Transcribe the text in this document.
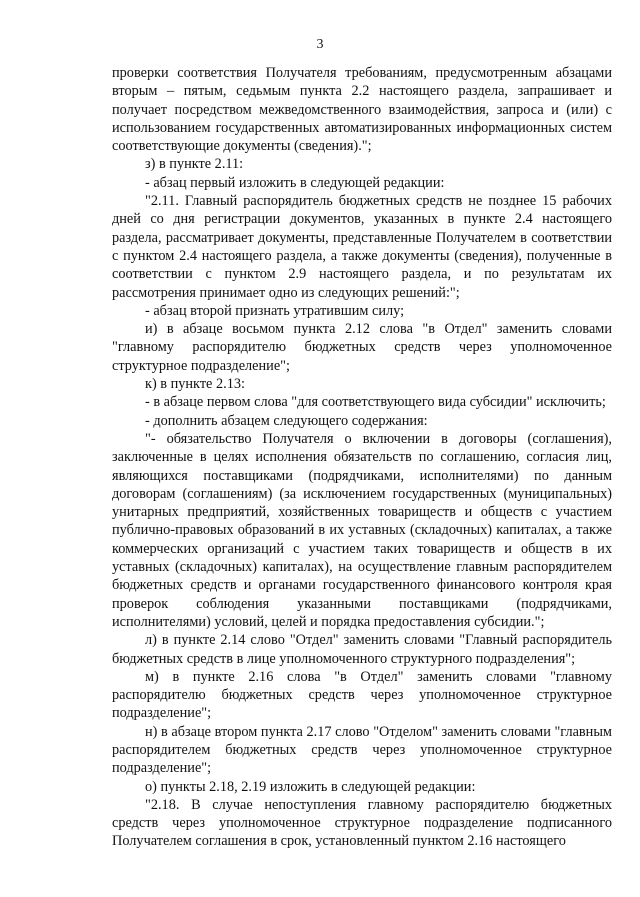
3

проверки соответствия Получателя требованиям, предусмотренным абзацами вторым – пятым, седьмым пункта 2.2 настоящего раздела, запрашивает и получает посредством межведомственного взаимодействия, запроса и (или) с использованием государственных автоматизированных информационных систем соответствующие документы (сведения).";

з) в пункте 2.11:

- абзац первый изложить в следующей редакции:

"2.11. Главный распорядитель бюджетных средств не позднее 15 рабочих дней со дня регистрации документов, указанных в пункте 2.4 настоящего раздела, рассматривает документы, представленные Получателем в соответствии с пунктом 2.4 настоящего раздела, а также документы (сведения), полученные в соответствии с пунктом 2.9 настоящего раздела, и по результатам их рассмотрения принимает одно из следующих решений:";

- абзац второй признать утратившим силу;

и) в абзаце восьмом пункта 2.12 слова "в Отдел" заменить словами "главному распорядителю бюджетных средств через уполномоченное структурное подразделение";

к) в пункте 2.13:

- в абзаце первом слова "для соответствующего вида субсидии" исключить;

- дополнить абзацем следующего содержания:

"- обязательство Получателя о включении в договоры (соглашения), заключенные в целях исполнения обязательств по соглашению, согласия лиц, являющихся поставщиками (подрядчиками, исполнителями) по данным договорам (соглашениям) (за исключением государственных (муниципальных) унитарных предприятий, хозяйственных товариществ и обществ с участием публично-правовых образований в их уставных (складочных) капиталах, а также коммерческих организаций с участием таких товариществ и обществ в их уставных (складочных) капиталах), на осуществление главным распорядителем бюджетных средств и органами государственного финансового контроля края проверок соблюдения указанными поставщиками (подрядчиками, исполнителями) условий, целей и порядка предоставления субсидии.";

л) в пункте 2.14 слово "Отдел" заменить словами "Главный распорядитель бюджетных средств в лице уполномоченного структурного подразделения";

м) в пункте 2.16 слова "в Отдел" заменить словами "главному распорядителю бюджетных средств через уполномоченное структурное подразделение";

н) в абзаце втором пункта 2.17 слово "Отделом" заменить словами "главным распорядителем бюджетных средств через уполномоченное структурное подразделение";

о) пункты 2.18, 2.19 изложить в следующей редакции:

"2.18. В случае непоступления главному распорядителю бюджетных средств через уполномоченное структурное подразделение подписанного Получателем соглашения в срок, установленный пунктом 2.16 настоящего
